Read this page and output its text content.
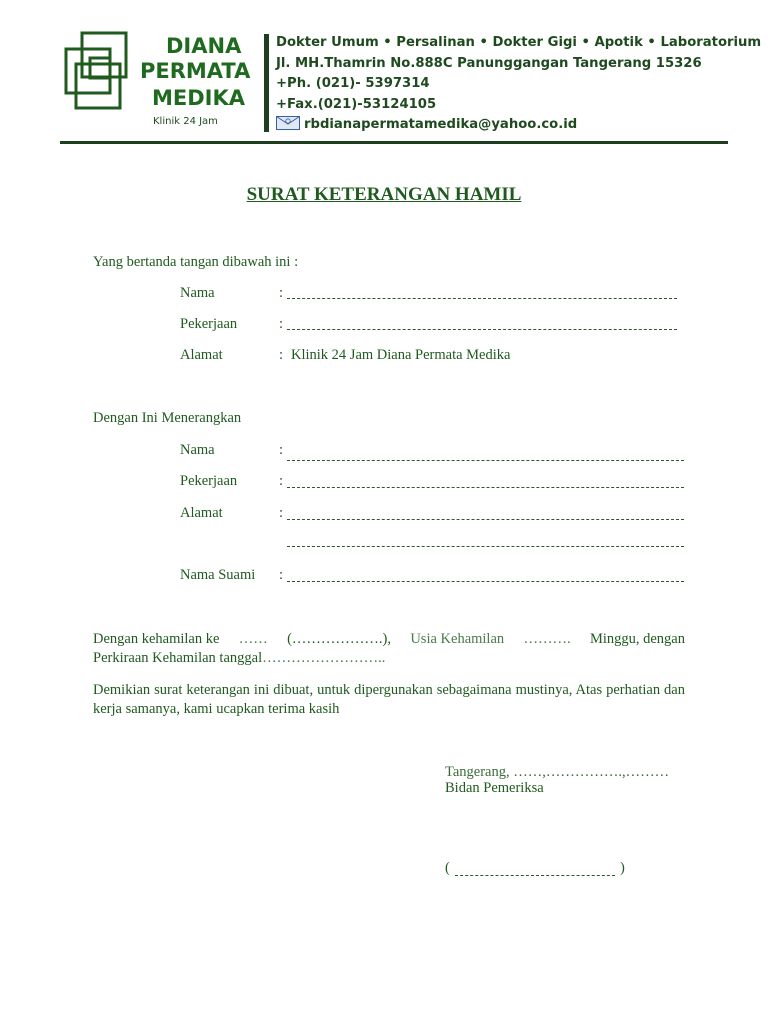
DIANA
PERMATA
MEDIKA
Klinik 24 Jam
Dokter Umum • Persalinan • Dokter Gigi • Apotik • Laboratorium
Jl. MH.Thamrin No.888C Panunggangan Tangerang 15326
+Ph. (021)- 5397314
+Fax.(021)-53124105
rbdianapermatamedika@yahoo.co.id
SURAT KETERANGAN HAMIL
Yang bertanda tangan dibawah ini :
Nama	:
Pekerjaan	:
Alamat	: Klinik 24 Jam Diana Permata Medika
Dengan Ini Menerangkan
Nama	:
Pekerjaan	:
Alamat	:
Nama Suami :
Dengan kehamilan ke …… (……………….), Usia Kehamilan ………. Minggu, dengan
Perkiraan Kehamilan tanggal……………………..
Demikian surat keterangan ini dibuat, untuk dipergunakan sebagaimana mustinya, Atas perhatian dan kerja samanya, kami ucapkan terima kasih
Tangerang, ……,…………….,………
Bidan Pemeriksa
(	)
